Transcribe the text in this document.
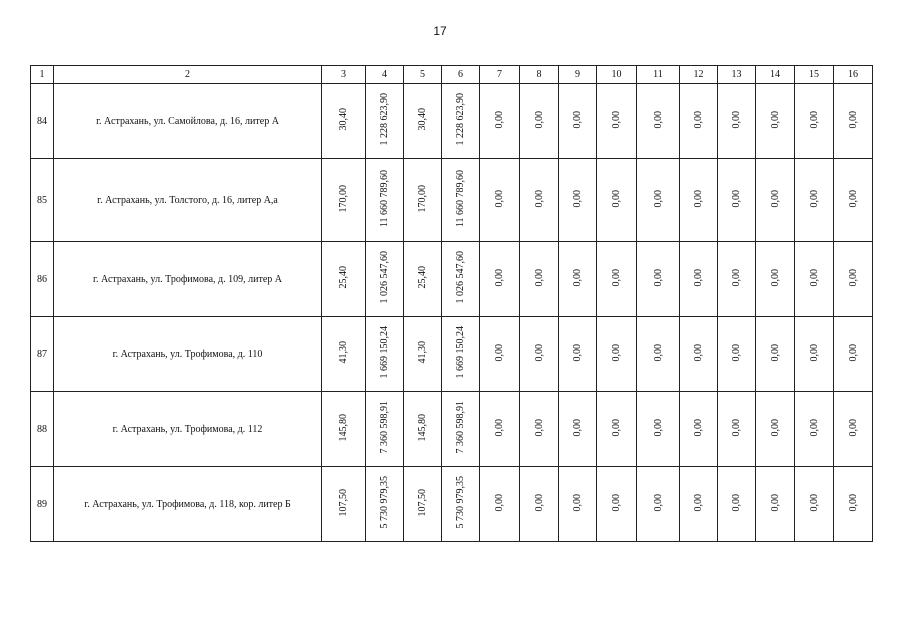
17
1	2	3	4	5	6	7	8	9	10	11	12	13	14	15	16
84	г. Астрахань, ул. Самойлова, д. 16, литер А	30,40	1 228 623,90	30,40	1 228 623,90	0,00	0,00	0,00	0,00	0,00	0,00	0,00	0,00	0,00	0,00
85	г. Астрахань, ул. Толстого, д. 16, литер А,а	170,00	11 660 789,60	170,00	11 660 789,60	0,00	0,00	0,00	0,00	0,00	0,00	0,00	0,00	0,00	0,00
86	г. Астрахань, ул. Трофимова, д. 109, литер А	25,40	1 026 547,60	25,40	1 026 547,60	0,00	0,00	0,00	0,00	0,00	0,00	0,00	0,00	0,00	0,00
87	г. Астрахань, ул. Трофимова, д. 110	41,30	1 669 150,24	41,30	1 669 150,24	0,00	0,00	0,00	0,00	0,00	0,00	0,00	0,00	0,00	0,00
88	г. Астрахань, ул. Трофимова, д. 112	145,80	7 360 598,91	145,80	7 360 598,91	0,00	0,00	0,00	0,00	0,00	0,00	0,00	0,00	0,00	0,00
89	г. Астрахань, ул. Трофимова, д. 118, кор. литер Б	107,50	5 730 979,35	107,50	5 730 979,35	0,00	0,00	0,00	0,00	0,00	0,00	0,00	0,00	0,00	0,00
